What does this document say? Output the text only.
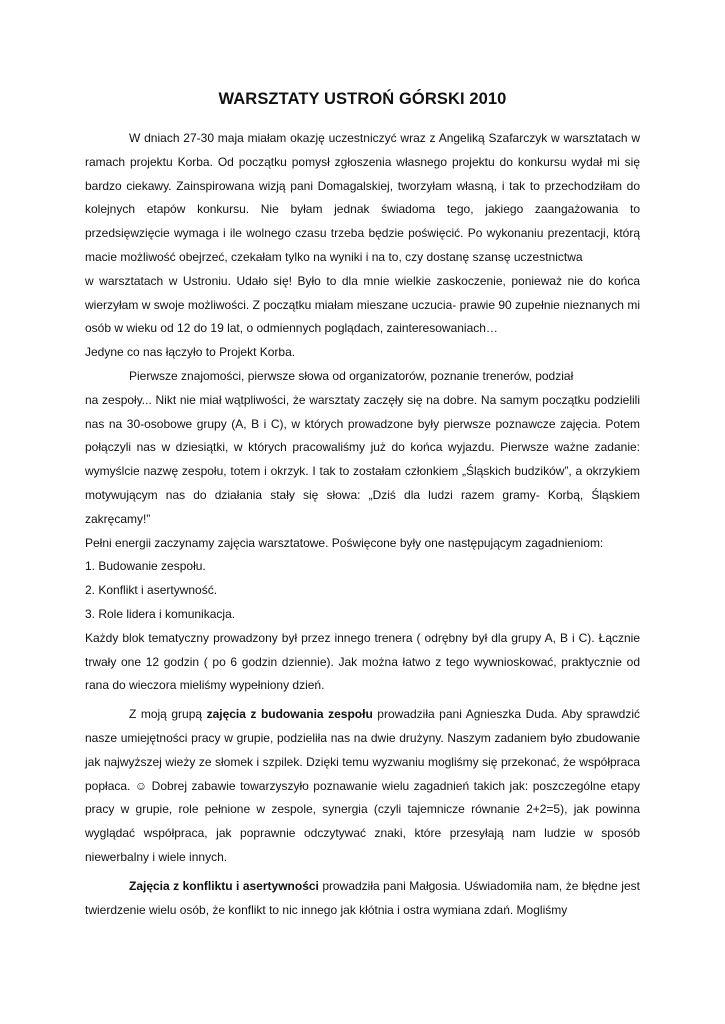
WARSZTATY USTROŃ GÓRSKI 2010

W dniach 27-30 maja miałam okazję uczestniczyć wraz z Angeliką Szafarczyk w warsztatach w ramach projektu Korba. Od początku pomysł zgłoszenia własnego projektu do konkursu wydał mi się bardzo ciekawy. Zainspirowana wizją pani Domagalskiej, tworzyłam własną, i tak to przechodziłam do kolejnych etapów konkursu. Nie byłam jednak świadoma tego, jakiego zaangażowania to przedsięwzięcie wymaga i ile wolnego czasu trzeba będzie poświęcić. Po wykonaniu prezentacji, którą macie możliwość obejrzeć, czekałam tylko na wyniki i na to, czy dostanę szansę uczestnictwa

w warsztatach w Ustroniu. Udało się! Było to dla mnie wielkie zaskoczenie, ponieważ nie do końca wierzyłam w swoje możliwości. Z początku miałam mieszane uczucia- prawie 90 zupełnie nieznanych mi osób w wieku od 12 do 19 lat, o odmiennych poglądach, zainteresowaniach…

Jedyne co nas łączyło to Projekt Korba.

Pierwsze znajomości, pierwsze słowa od organizatorów, poznanie trenerów, podział

na zespoły... Nikt nie miał wątpliwości, że warsztaty zaczęły się na dobre. Na samym początku podzielili nas na 30-osobowe grupy (A, B i C), w których prowadzone były pierwsze poznawcze zajęcia. Potem połączyli nas w dziesiątki, w których pracowaliśmy już do końca wyjazdu. Pierwsze ważne zadanie: wymyślcie nazwę zespołu, totem i okrzyk. I tak to zostałam członkiem „Śląskich budzików”, a okrzykiem motywującym nas do działania stały się słowa: „Dziś dla ludzi razem gramy- Korbą, Śląskiem zakręcamy!”

Pełni energii zaczynamy zajęcia warsztatowe. Poświęcone były one następującym zagadnieniom:

1. Budowanie zespołu.

2. Konflikt i asertywność.

3. Role lidera i komunikacja.

Każdy blok tematyczny prowadzony był przez innego trenera ( odrębny był dla grupy A, B i C). Łącznie trwały one 12 godzin ( po 6 godzin dziennie). Jak można łatwo z tego wywnioskować, praktycznie od rana do wieczora mieliśmy wypełniony dzień.

Z moją grupą zajęcia z budowania zespołu prowadziła pani Agnieszka Duda. Aby sprawdzić nasze umiejętności pracy w grupie, podzieliła nas na dwie drużyny. Naszym zadaniem było zbudowanie jak najwyższej wieży ze słomek i szpilek. Dzięki temu wyzwaniu mogliśmy się przekonać, że współpraca popłaca. ☺ Dobrej zabawie towarzyszyło poznawanie wielu zagadnień takich jak: poszczególne etapy pracy w grupie, role pełnione w zespole, synergia (czyli tajemnicze równanie 2+2=5), jak powinna wyglądać współpraca, jak poprawnie odczytywać znaki, które przesyłają nam ludzie w sposób niewerbalny i wiele innych.

Zajęcia z konfliktu i asertywności prowadziła pani Małgosia. Uświadomiła nam, że błędne jest twierdzenie wielu osób, że konflikt to nic innego jak kłótnia i ostra wymiana zdań. Mogliśmy
